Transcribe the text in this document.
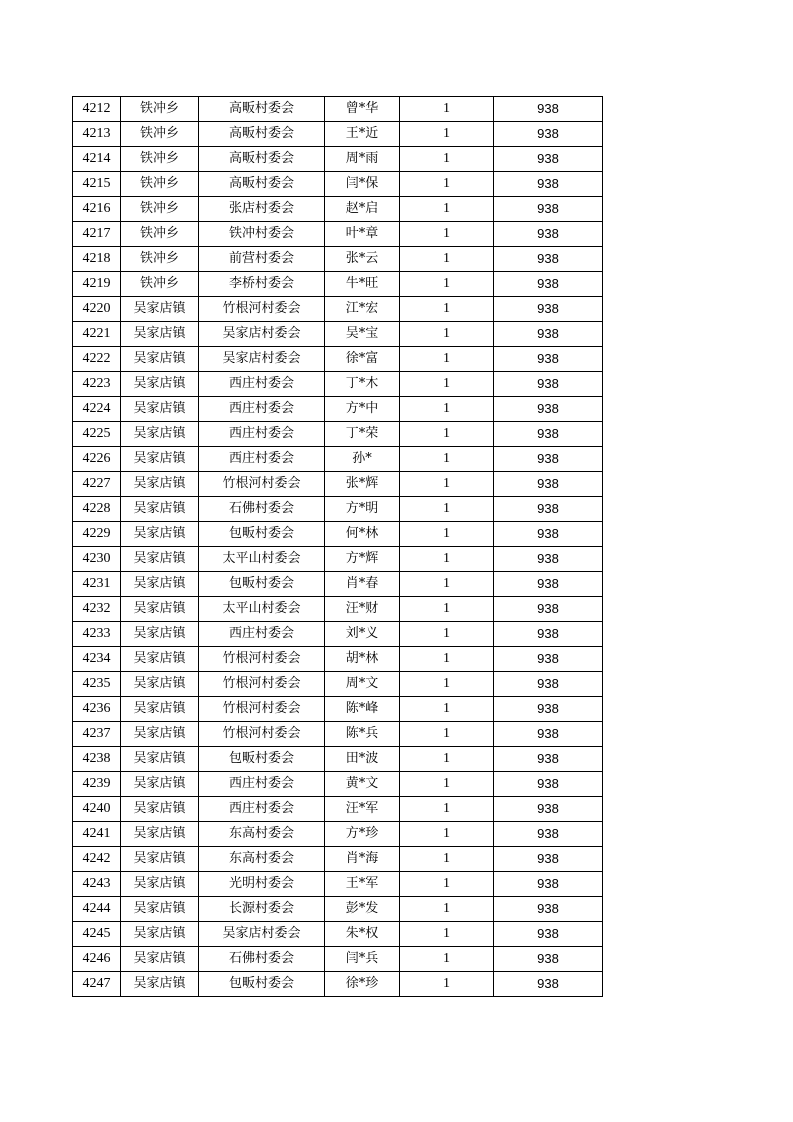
4212	铁冲乡	高畈村委会	曾*华	1	938
4213	铁冲乡	高畈村委会	王*近	1	938
4214	铁冲乡	高畈村委会	周*雨	1	938
4215	铁冲乡	高畈村委会	闫*保	1	938
4216	铁冲乡	张店村委会	赵*启	1	938
4217	铁冲乡	铁冲村委会	叶*章	1	938
4218	铁冲乡	前营村委会	张*云	1	938
4219	铁冲乡	李桥村委会	牛*旺	1	938
4220	吴家店镇	竹根河村委会	江*宏	1	938
4221	吴家店镇	吴家店村委会	吴*宝	1	938
4222	吴家店镇	吴家店村委会	徐*富	1	938
4223	吴家店镇	西庄村委会	丁*木	1	938
4224	吴家店镇	西庄村委会	方*中	1	938
4225	吴家店镇	西庄村委会	丁*荣	1	938
4226	吴家店镇	西庄村委会	孙*	1	938
4227	吴家店镇	竹根河村委会	张*辉	1	938
4228	吴家店镇	石佛村委会	方*明	1	938
4229	吴家店镇	包畈村委会	何*林	1	938
4230	吴家店镇	太平山村委会	方*辉	1	938
4231	吴家店镇	包畈村委会	肖*春	1	938
4232	吴家店镇	太平山村委会	汪*财	1	938
4233	吴家店镇	西庄村委会	刘*义	1	938
4234	吴家店镇	竹根河村委会	胡*林	1	938
4235	吴家店镇	竹根河村委会	周*文	1	938
4236	吴家店镇	竹根河村委会	陈*峰	1	938
4237	吴家店镇	竹根河村委会	陈*兵	1	938
4238	吴家店镇	包畈村委会	田*波	1	938
4239	吴家店镇	西庄村委会	黄*文	1	938
4240	吴家店镇	西庄村委会	汪*军	1	938
4241	吴家店镇	东高村委会	方*珍	1	938
4242	吴家店镇	东高村委会	肖*海	1	938
4243	吴家店镇	光明村委会	王*军	1	938
4244	吴家店镇	长源村委会	彭*发	1	938
4245	吴家店镇	吴家店村委会	朱*权	1	938
4246	吴家店镇	石佛村委会	闫*兵	1	938
4247	吴家店镇	包畈村委会	徐*珍	1	938
